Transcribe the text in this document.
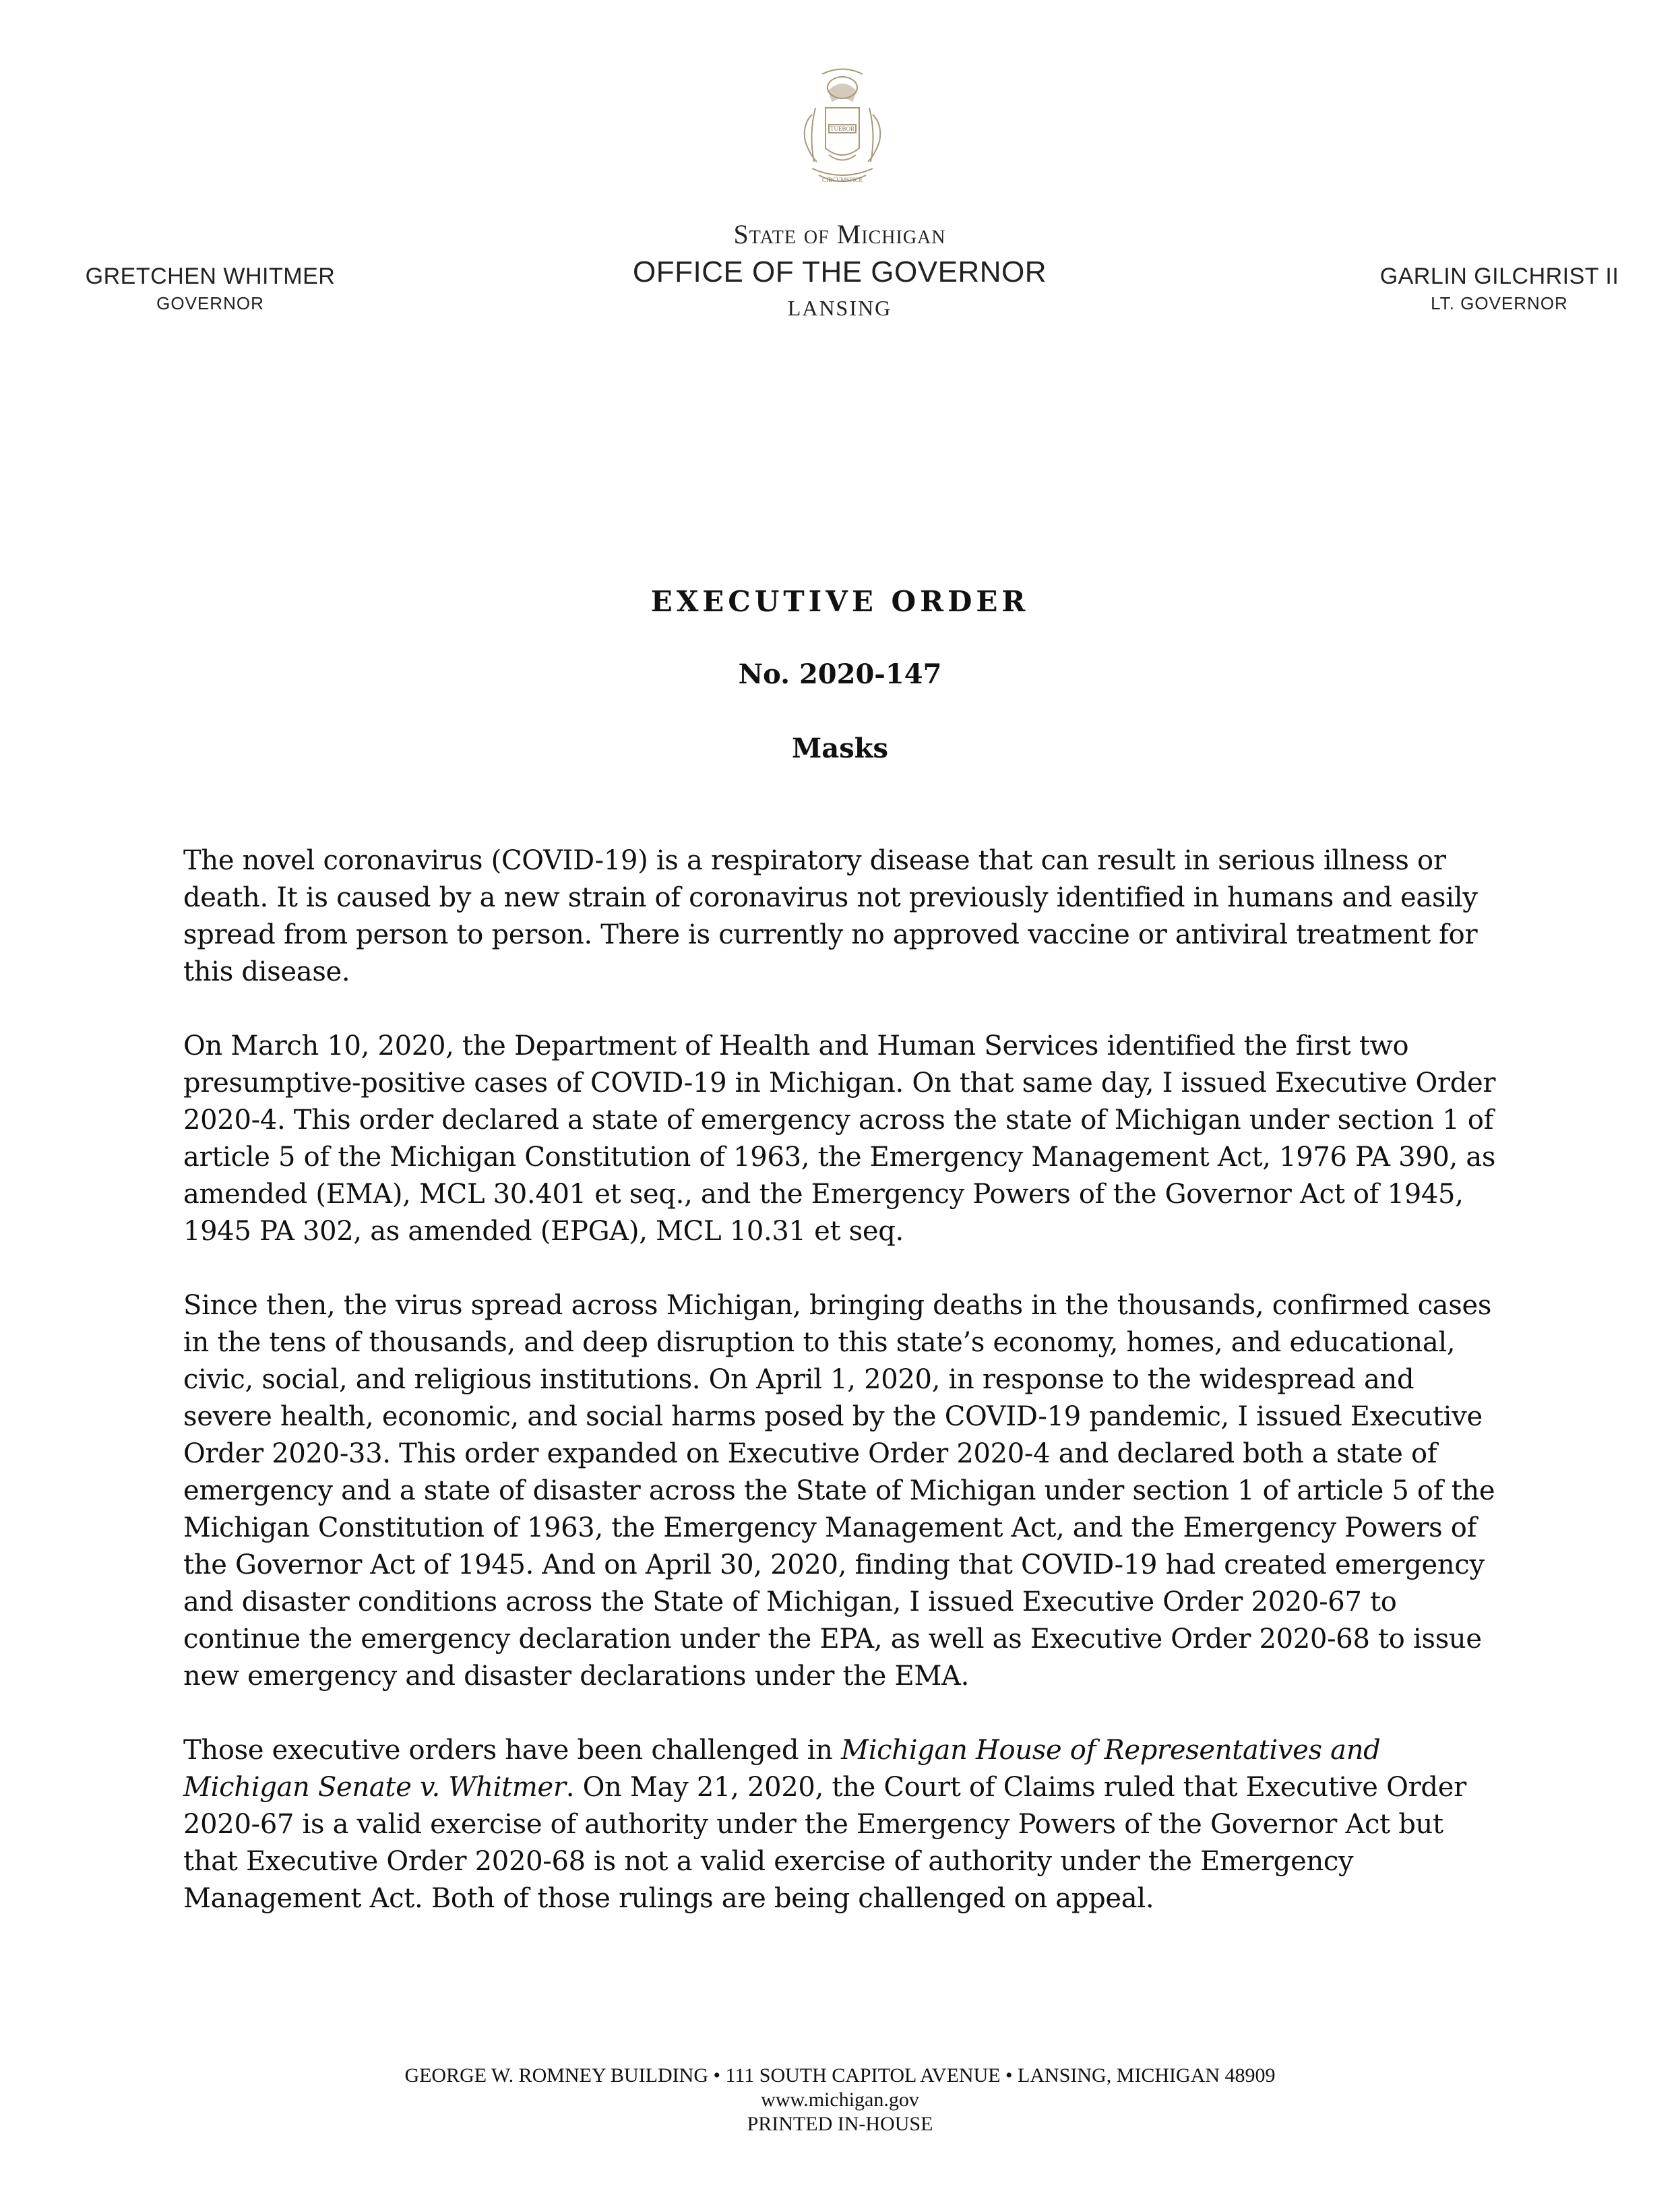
TUEBOR
CIRCUMSPICE
GRETCHEN WHITMER
GOVERNOR
State of Michigan
OFFICE OF THE GOVERNOR
LANSING
GARLIN GILCHRIST II
LT. GOVERNOR
EXECUTIVE ORDER
No. 2020-147
Masks

The novel coronavirus (COVID-19) is a respiratory disease that can result in serious illness or death. It is caused by a new strain of coronavirus not previously identified in humans and easily spread from person to person. There is currently no approved vaccine or antiviral treatment for this disease.

On March 10, 2020, the Department of Health and Human Services identified the first two presumptive-positive cases of COVID-19 in Michigan. On that same day, I issued Executive Order 2020-4. This order declared a state of emergency across the state of Michigan under section 1 of article 5 of the Michigan Constitution of 1963, the Emergency Management Act, 1976 PA 390, as amended (EMA), MCL 30.401 et seq., and the Emergency Powers of the Governor Act of 1945, 1945 PA 302, as amended (EPGA), MCL 10.31 et seq.

Since then, the virus spread across Michigan, bringing deaths in the thousands, confirmed cases in the tens of thousands, and deep disruption to this state’s economy, homes, and educational, civic, social, and religious institutions. On April 1, 2020, in response to the widespread and severe health, economic, and social harms posed by the COVID-19 pandemic, I issued Executive Order 2020-33. This order expanded on Executive Order 2020-4 and declared both a state of emergency and a state of disaster across the State of Michigan under section 1 of article 5 of the Michigan Constitution of 1963, the Emergency Management Act, and the Emergency Powers of the Governor Act of 1945. And on April 30, 2020, finding that COVID-19 had created emergency and disaster conditions across the State of Michigan, I issued Executive Order 2020-67 to continue the emergency declaration under the EPA, as well as Executive Order 2020-68 to issue new emergency and disaster declarations under the EMA.

Those executive orders have been challenged in Michigan House of Representatives and Michigan Senate v. Whitmer. On May 21, 2020, the Court of Claims ruled that Executive Order 2020-67 is a valid exercise of authority under the Emergency Powers of the Governor Act but that Executive Order 2020-68 is not a valid exercise of authority under the Emergency Management Act. Both of those rulings are being challenged on appeal.

GEORGE W. ROMNEY BUILDING • 111 SOUTH CAPITOL AVENUE • LANSING, MICHIGAN 48909
www.michigan.gov
PRINTED IN-HOUSE
